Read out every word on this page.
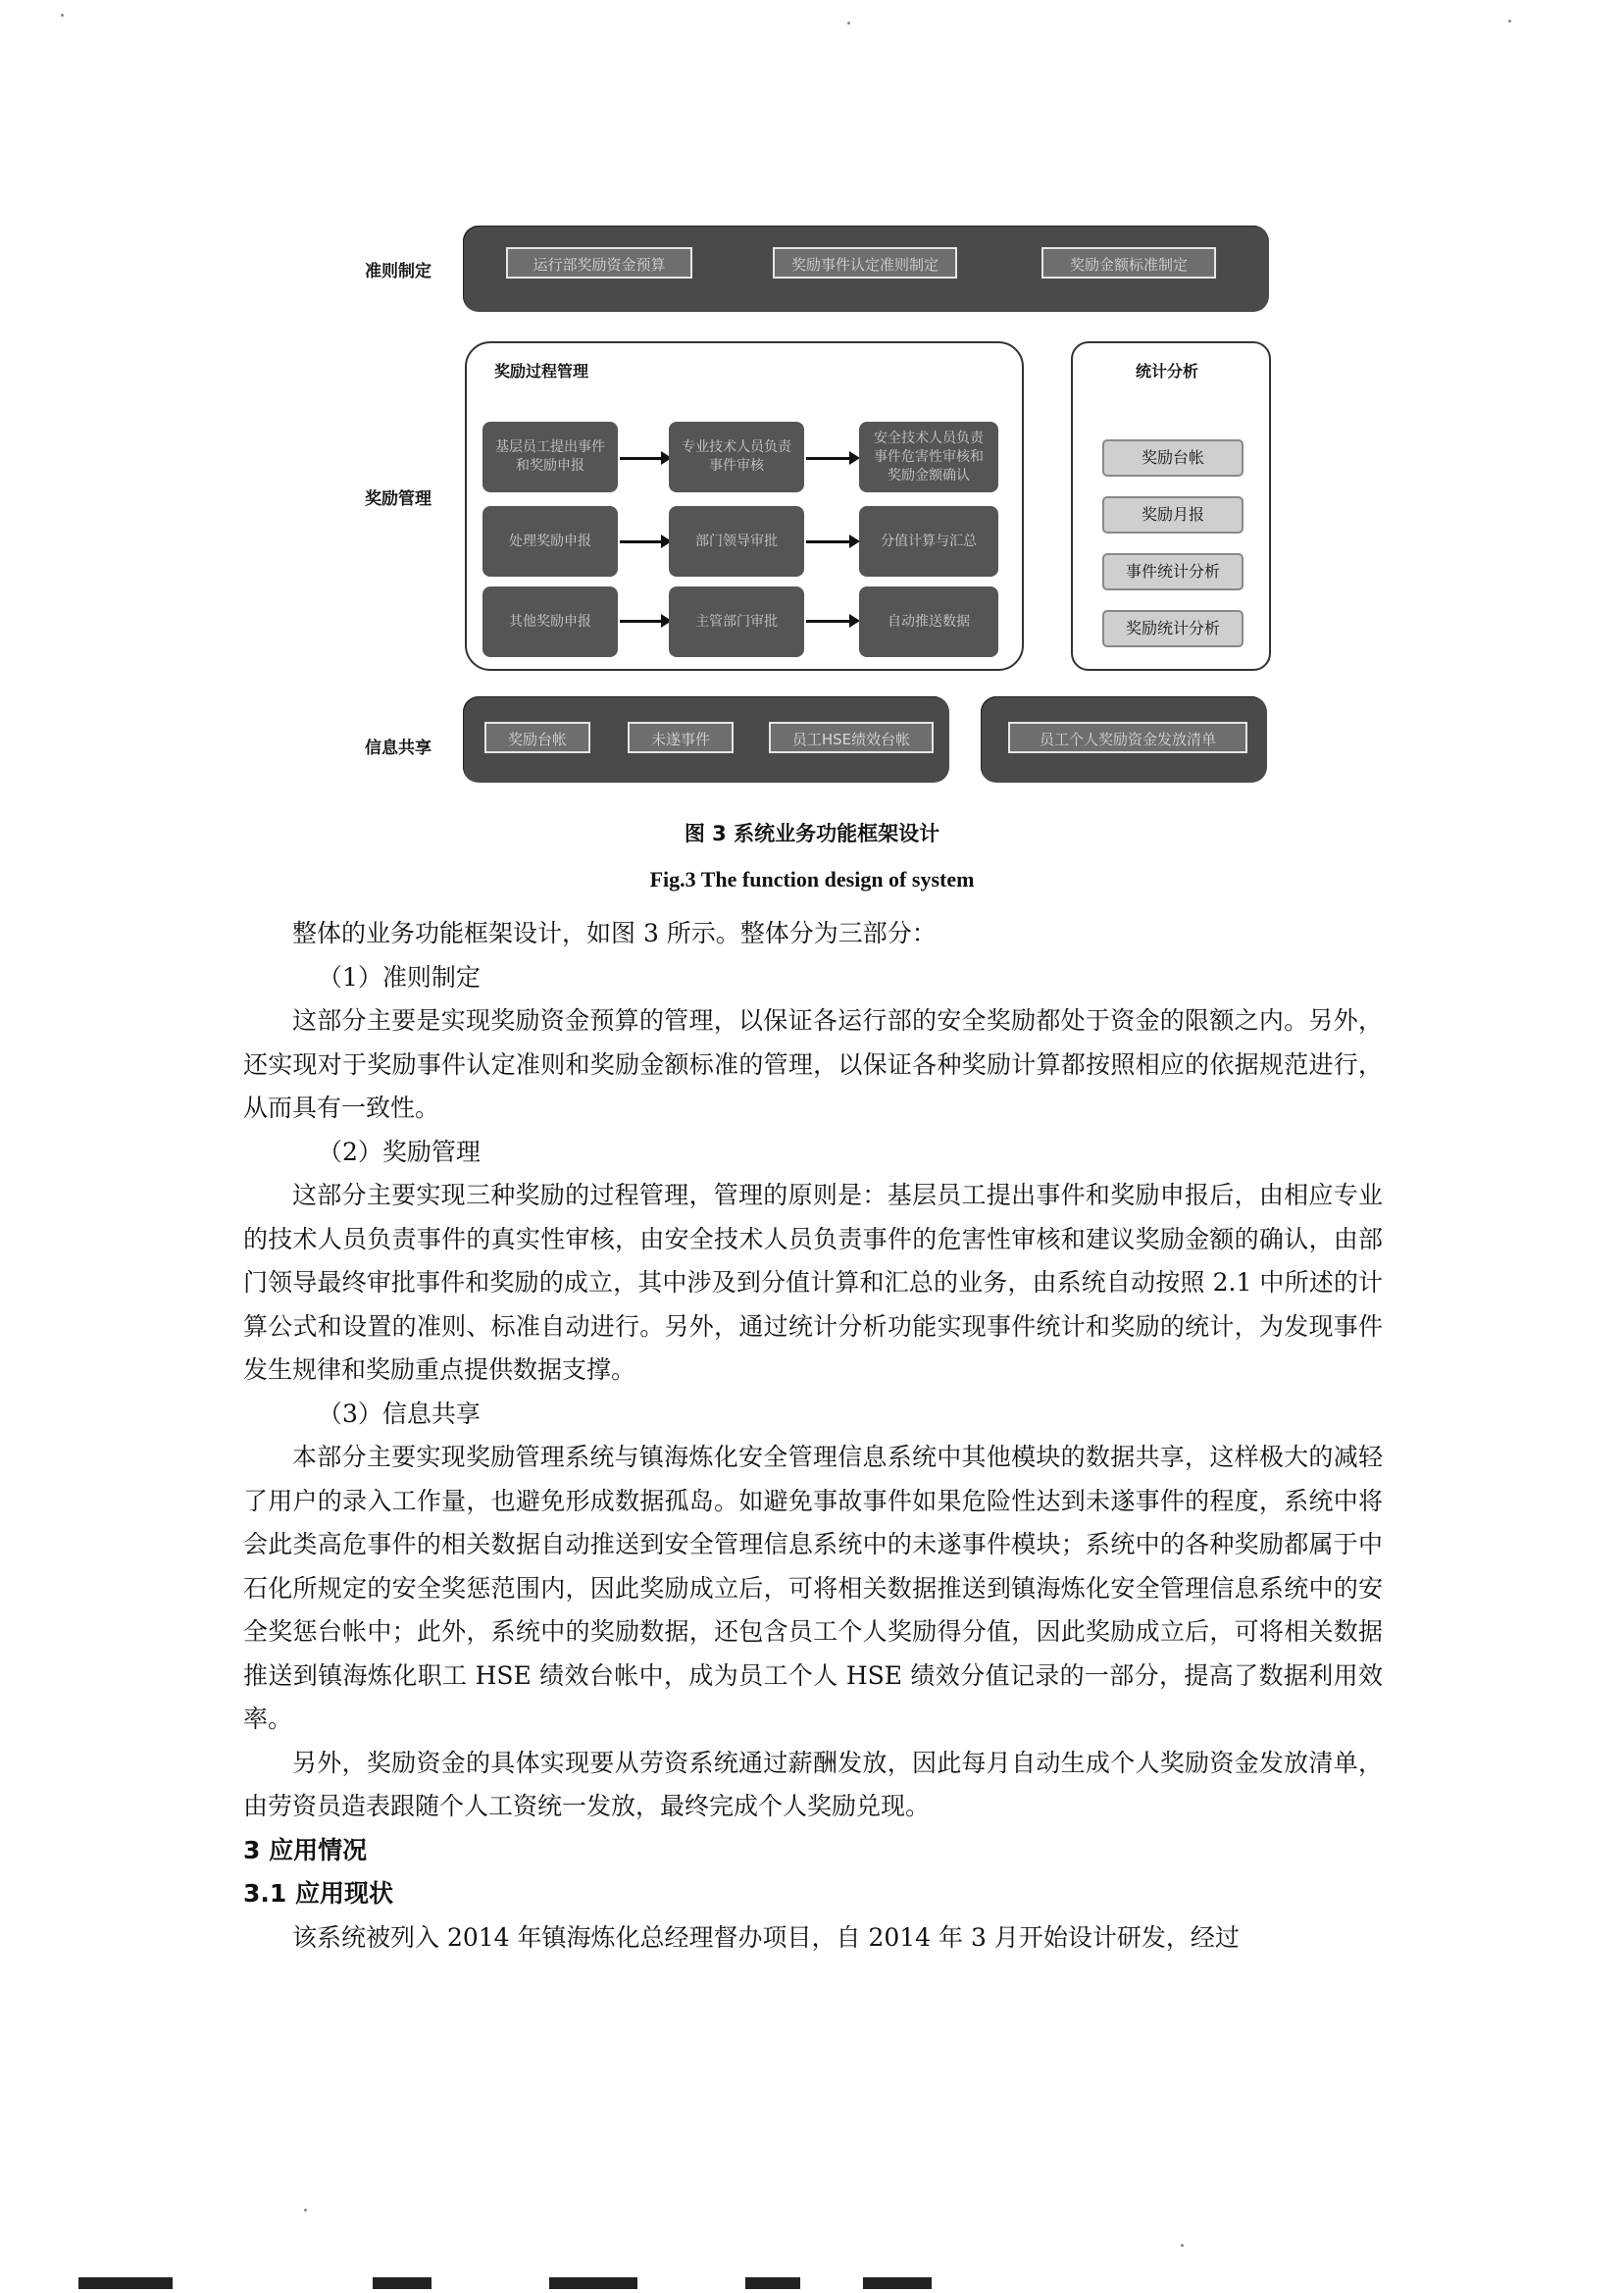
准则制定
奖励管理
信息共享
运行部奖励资金预算	奖励事件认定准则制定	奖励金额标准制定
奖励过程管理
基层员工提出事件和奖励申报
专业技术人员负责事件审核
安全技术人员负责事件危害性审核和奖励金额确认
处理奖励申报	部门领导审批	分值计算与汇总
其他奖励申报	主管部门审批	自动推送数据
统计分析
奖励台帐
奖励月报
事件统计分析
奖励统计分析
奖励台帐	未遂事件	员工HSE绩效台帐	员工个人奖励资金发放清单
图 3 系统业务功能框架设计
Fig.3 The function design of system

整体的业务功能框架设计，如图 3 所示。整体分为三部分：

（1）准则制定

这部分主要是实现奖励资金预算的管理，以保证各运行部的安全奖励都处于资金的限额之内。另外，还实现对于奖励事件认定准则和奖励金额标准的管理，以保证各种奖励计算都按照相应的依据规范进行，从而具有一致性。

（2）奖励管理

这部分主要实现三种奖励的过程管理，管理的原则是：基层员工提出事件和奖励申报后，由相应专业的技术人员负责事件的真实性审核，由安全技术人员负责事件的危害性审核和建议奖励金额的确认，由部门领导最终审批事件和奖励的成立，其中涉及到分值计算和汇总的业务，由系统自动按照 2.1 中所述的计算公式和设置的准则、标准自动进行。另外，通过统计分析功能实现事件统计和奖励的统计，为发现事件发生规律和奖励重点提供数据支撑。

（3）信息共享

本部分主要实现奖励管理系统与镇海炼化安全管理信息系统中其他模块的数据共享，这样极大的减轻了用户的录入工作量，也避免形成数据孤岛。如避免事故事件如果危险性达到未遂事件的程度，系统中将会此类高危事件的相关数据自动推送到安全管理信息系统中的未遂事件模块；系统中的各种奖励都属于中石化所规定的安全奖惩范围内，因此奖励成立后，可将相关数据推送到镇海炼化安全管理信息系统中的安全奖惩台帐中；此外，系统中的奖励数据，还包含员工个人奖励得分值，因此奖励成立后，可将相关数据推送到镇海炼化职工 HSE 绩效台帐中，成为员工个人 HSE 绩效分值记录的一部分，提高了数据利用效率。

另外，奖励资金的具体实现要从劳资系统通过薪酬发放，因此每月自动生成个人奖励资金发放清单，由劳资员造表跟随个人工资统一发放，最终完成个人奖励兑现。

3 应用情况

3.1 应用现状

该系统被列入 2014 年镇海炼化总经理督办项目，自 2014 年 3 月开始设计研发，经过
